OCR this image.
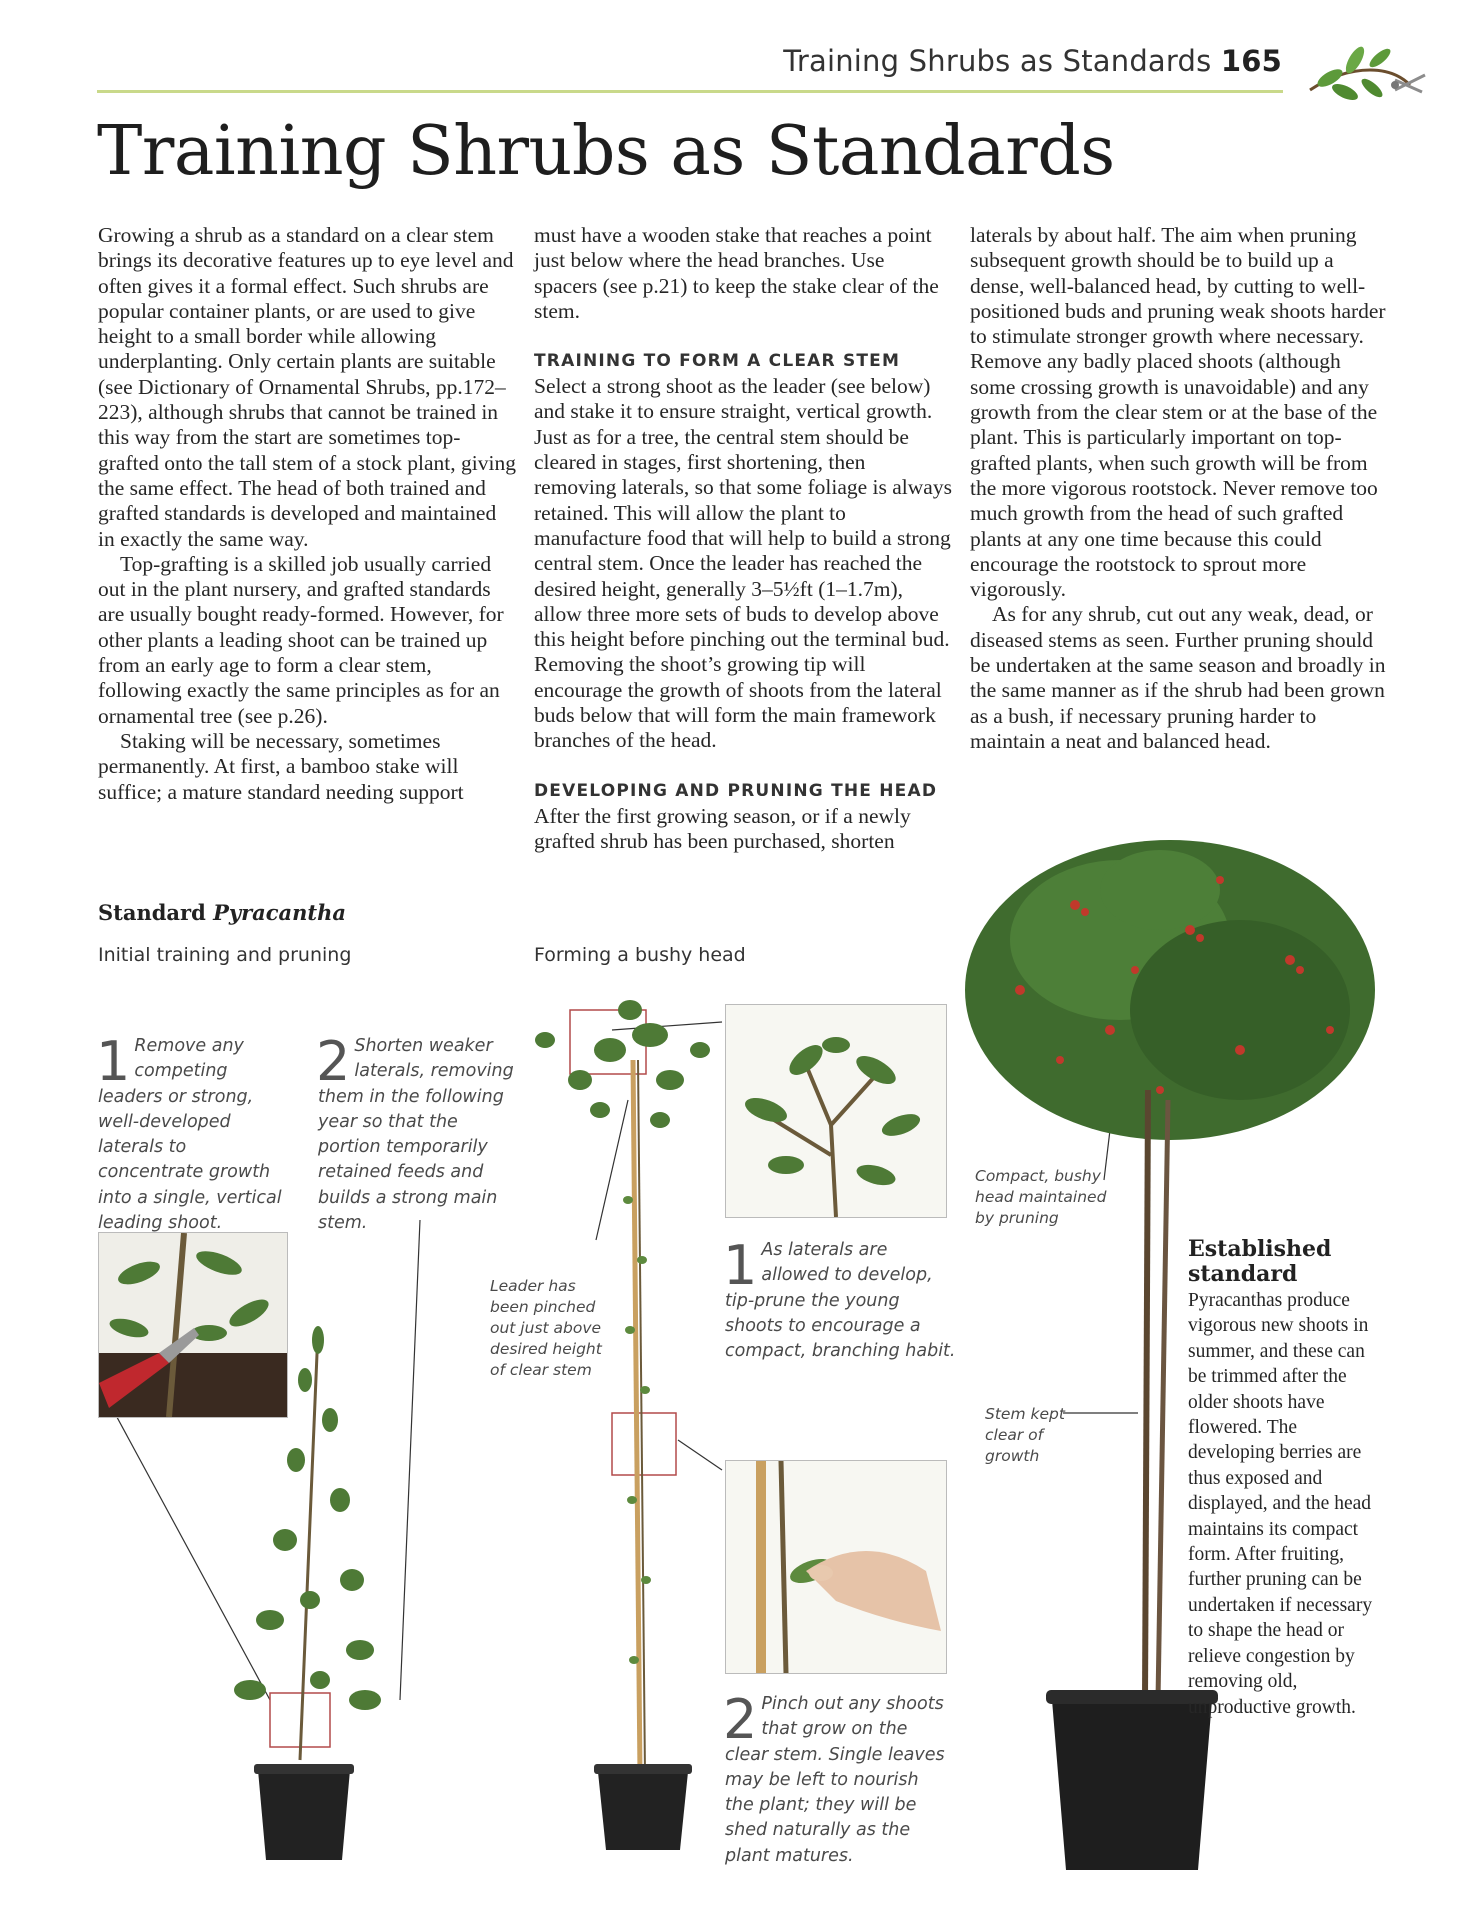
Training Shrubs as Standards 165
Training Shrubs as Standards

Growing a shrub as a standard on a clear stem brings its decorative features up to eye level and often gives it a formal effect. Such shrubs are popular container plants, or are used to give height to a small border while allowing underplanting. Only certain plants are suitable (see Dictionary of Ornamental Shrubs, pp.172–223), although shrubs that cannot be trained in this way from the start are sometimes top-grafted onto the tall stem of a stock plant, giving the same effect. The head of both trained and grafted standards is developed and maintained in exactly the same way.

Top-grafting is a skilled job usually carried out in the plant nursery, and grafted standards are usually bought ready-formed. However, for other plants a leading shoot can be trained up from an early age to form a clear stem, following exactly the same principles as for an ornamental tree (see p.26).

Staking will be necessary, sometimes permanently. At first, a bamboo stake will suffice; a mature standard needing support

must have a wooden stake that reaches a point just below where the head branches. Use spacers (see p.21) to keep the stake clear of the stem.

TRAINING TO FORM A CLEAR STEM

Select a strong shoot as the leader (see below) and stake it to ensure straight, vertical growth. Just as for a tree, the central stem should be cleared in stages, first shortening, then removing laterals, so that some foliage is always retained. This will allow the plant to manufacture food that will help to build a strong central stem. Once the leader has reached the desired height, generally 3–5½ft (1–1.7m), allow three more sets of buds to develop above this height before pinching out the terminal bud. Removing the shoot’s growing tip will encourage the growth of shoots from the lateral buds below that will form the main framework branches of the head.

DEVELOPING AND PRUNING THE HEAD

After the first growing season, or if a newly grafted shrub has been purchased, shorten

laterals by about half. The aim when pruning subsequent growth should be to build up a dense, well-balanced head, by cutting to well-positioned buds and pruning weak shoots harder to stimulate stronger growth where necessary. Remove any badly placed shoots (although some crossing growth is unavoidable) and any growth from the clear stem or at the base of the plant. This is particularly important on top-grafted plants, when such growth will be from the more vigorous rootstock. Never remove too much growth from the head of such grafted plants at any one time because this could encourage the rootstock to sprout more vigorously.

As for any shrub, cut out any weak, dead, or diseased stems as seen. Further pruning should be undertaken at the same season and broadly in the same manner as if the shrub had been grown as a bush, if necessary pruning harder to maintain a neat and balanced head.

Standard Pyracantha
Initial training and pruning	Forming a bushy head
1 Remove any competing leaders or strong, well-developed laterals to concentrate growth into a single, vertical leading shoot.
2 Shorten weaker laterals, removing them in the following year so that the portion temporarily retained feeds and builds a strong main stem.
Leader has been pinched out just above desired height of clear stem
1 As laterals are allowed to develop, tip-prune the young shoots to encourage a compact, branching habit.
2 Pinch out any shoots that grow on the clear stem. Single leaves may be left to nourish the plant; they will be shed naturally as the plant matures.
Compact, bushy head maintained by pruning
Stem kept clear of growth
Established standard
Pyracanthas produce vigorous new shoots in summer, and these can be trimmed after the older shoots have flowered. The developing berries are thus exposed and displayed, and the head maintains its compact form. After fruiting, further pruning can be undertaken if necessary to shape the head or relieve congestion by removing old, unproductive growth.
